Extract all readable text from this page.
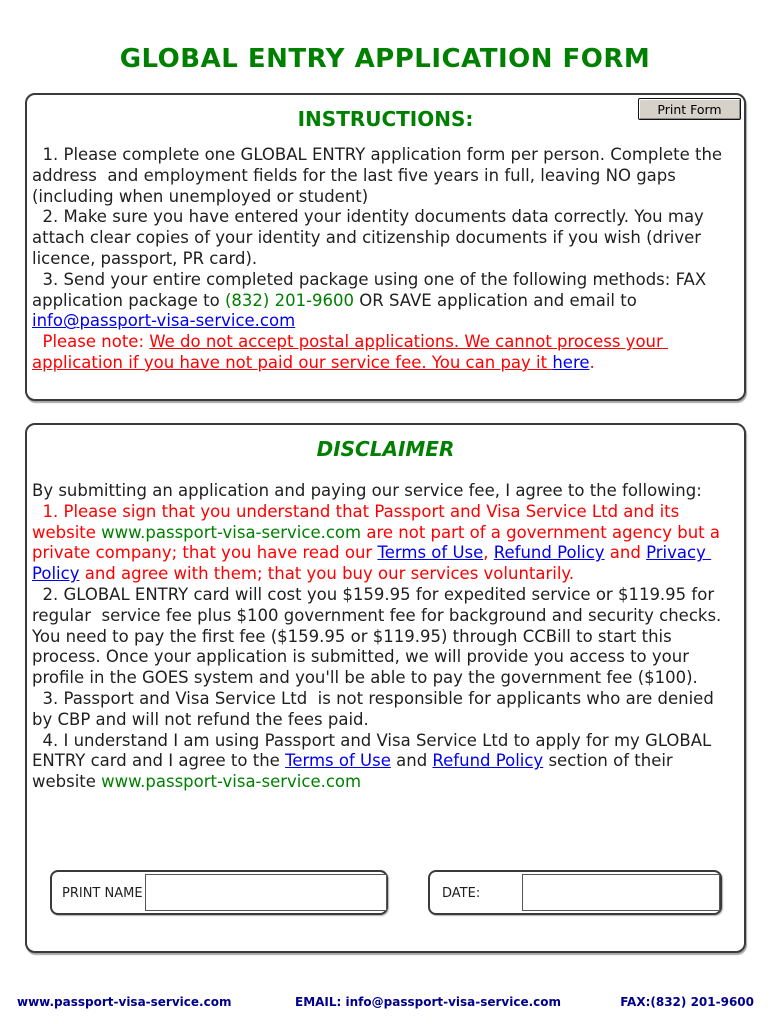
GLOBAL ENTRY APPLICATION FORM
Print Form
INSTRUCTIONS:

1. Please complete one GLOBAL ENTRY application form per person. Complete the address  and employment fields for the last five years in full, leaving NO gaps (including when unemployed or student)

2. Make sure you have entered your identity documents data correctly. You may attach clear copies of your identity and citizenship documents if you wish (driver licence, passport, PR card).

3. Send your entire completed package using one of the following methods: FAX application package to (832) 201-9600 OR SAVE application and email to info@passport-visa-service.com

Please note: We do not accept postal applications. We cannot process your application if you have not paid our service fee. You can pay it here.

DISCLAIMER

By submitting an application and paying our service fee, I agree to the following:

1. Please sign that you understand that Passport and Visa Service Ltd and its website www.passport-visa-service.com are not part of a government agency but a private company; that you have read our Terms of Use, Refund Policy and Privacy Policy and agree with them; that you buy our services voluntarily.

2. GLOBAL ENTRY card will cost you $159.95 for expedited service or $119.95 for regular  service fee plus $100 government fee for background and security checks. You need to pay the first fee ($159.95 or $119.95) through CCBill to start this process. Once your application is submitted, we will provide you access to your profile in the GOES system and you'll be able to pay the government fee ($100).

3. Passport and Visa Service Ltd  is not responsible for applicants who are denied by CBP and will not refund the fees paid.

4. I understand I am using Passport and Visa Service Ltd to apply for my GLOBAL ENTRY card and I agree to the Terms of Use and Refund Policy section of their website www.passport-visa-service.com

PRINT NAME	DATE:
www.passport-visa-service.com	EMAIL: info@passport-visa-service.com	FAX:(832) 201-9600
